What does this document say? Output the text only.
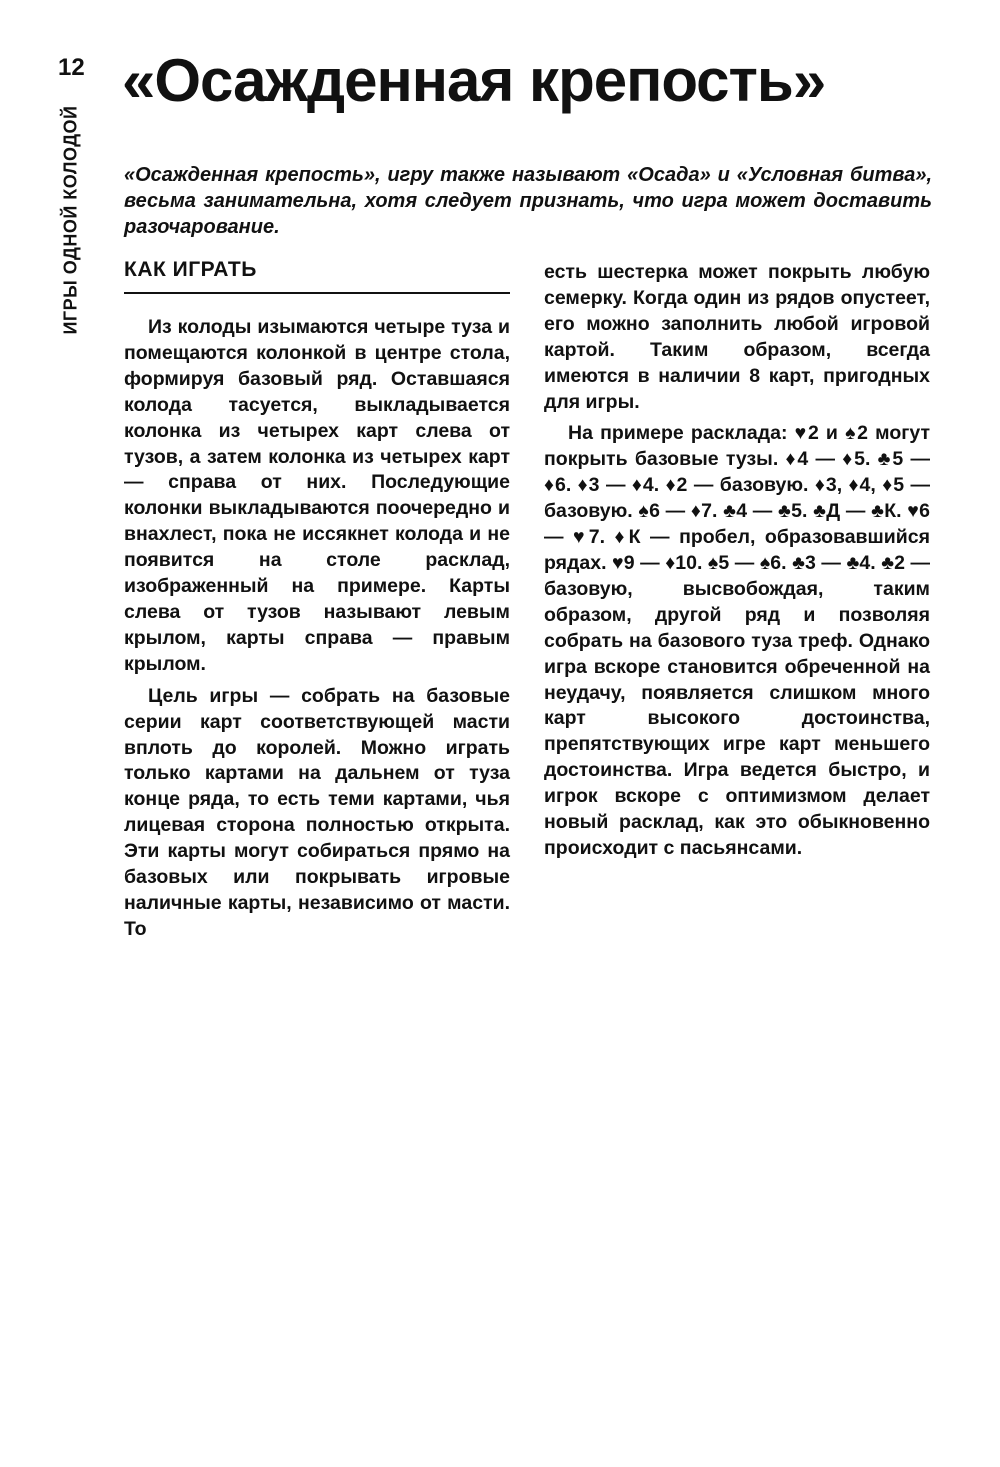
12
ИГРЫ ОДНОЙ КОЛОДОЙ
«Осажденная крепость»

«Осажденная крепость», игру также называют «Осада» и «Условная битва», весьма занимательна, хотя следует признать, что игра может доставить разочарование.

КАК ИГРАТЬ

Из колоды изымаются четыре туза и помещаются колонкой в центре стола, формируя базовый ряд. Оставшаяся колода тасуется, выкладывается колонка из четырех карт слева от тузов, а затем колонка из четырех карт — справа от них. Последующие колонки выкладываются поочередно и внахлест, пока не иссякнет колода и не появится на столе расклад, изображенный на примере. Карты слева от тузов называют левым крылом, карты справа — правым крылом.

Цель игры — собрать на базовые серии карт соответствующей масти вплоть до королей. Можно играть только картами на дальнем от туза конце ряда, то есть теми картами, чья лицевая сторона полностью открыта. Эти карты могут собираться прямо на базовых или покрывать игровые наличные карты, независимо от масти. То

есть шестерка может покрыть любую семерку. Когда один из рядов опустеет, его можно заполнить любой игровой картой. Таким образом, всегда имеются в наличии 8 карт, пригодных для игры.

На примере расклада: ♥2 и ♠2 могут покрыть базовые тузы. ♦4 — ♦5. ♣5 — ♦6. ♦3 — ♦4. ♦2 — базовую. ♦3, ♦4, ♦5 — базовую. ♠6 — ♦7. ♣4 — ♣5. ♣Д — ♣К. ♥6 — ♥7. ♦К — пробел, образовавшийся рядах. ♥9 — ♦10. ♠5 — ♠6. ♣3 — ♣4. ♣2 — базовую, высвобождая, таким образом, другой ряд и позволяя собрать на базового туза треф. Однако игра вскоре становится обреченной на неудачу, появляется слишком много карт высокого достоинства, препятствующих игре карт меньшего достоинства. Игра ведется быстро, и игрок вскоре с оптимизмом делает новый расклад, как это обыкновенно происходит с пасьянсами.
